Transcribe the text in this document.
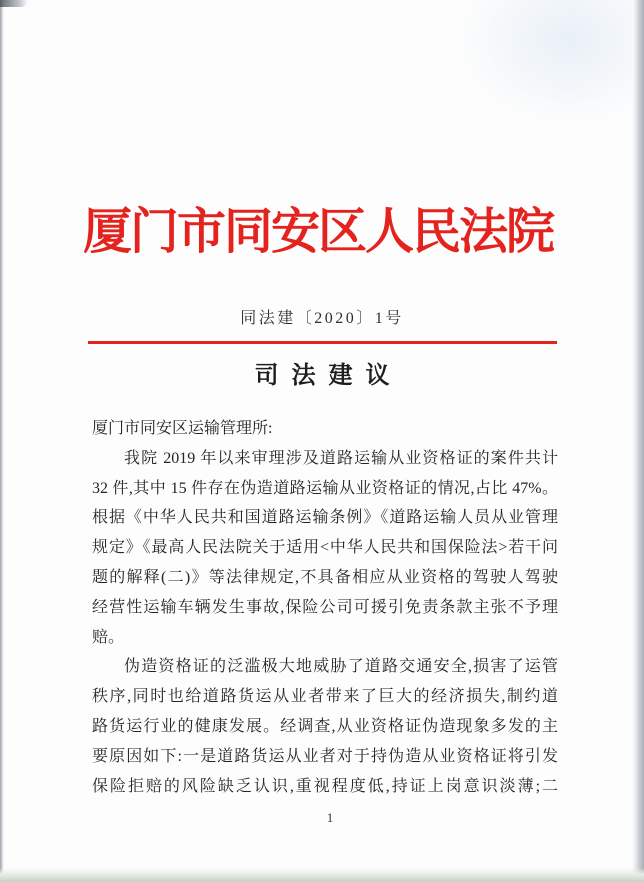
厦门市同安区人民法院
同法建〔2020〕1号
司法建议
厦门市同安区运输管理所:
我院 2019 年以来审理涉及道路运输从业资格证的案件共计
32 件,其中 15 件存在伪造道路运输从业资格证的情况,占比 47%。
根据《中华人民共和国道路运输条例》《道路运输人员从业管理
规定》《最高人民法院关于适用<中华人民共和国保险法>若干问
题的解释(二)》等法律规定,不具备相应从业资格的驾驶人驾驶
经营性运输车辆发生事故,保险公司可援引免责条款主张不予理
赔。
伪造资格证的泛滥极大地威胁了道路交通安全,损害了运管
秩序,同时也给道路货运从业者带来了巨大的经济损失,制约道
路货运行业的健康发展。经调查,从业资格证伪造现象多发的主
要原因如下:一是道路货运从业者对于持伪造从业资格证将引发
保险拒赔的风险缺乏认识,重视程度低,持证上岗意识淡薄;二
1
